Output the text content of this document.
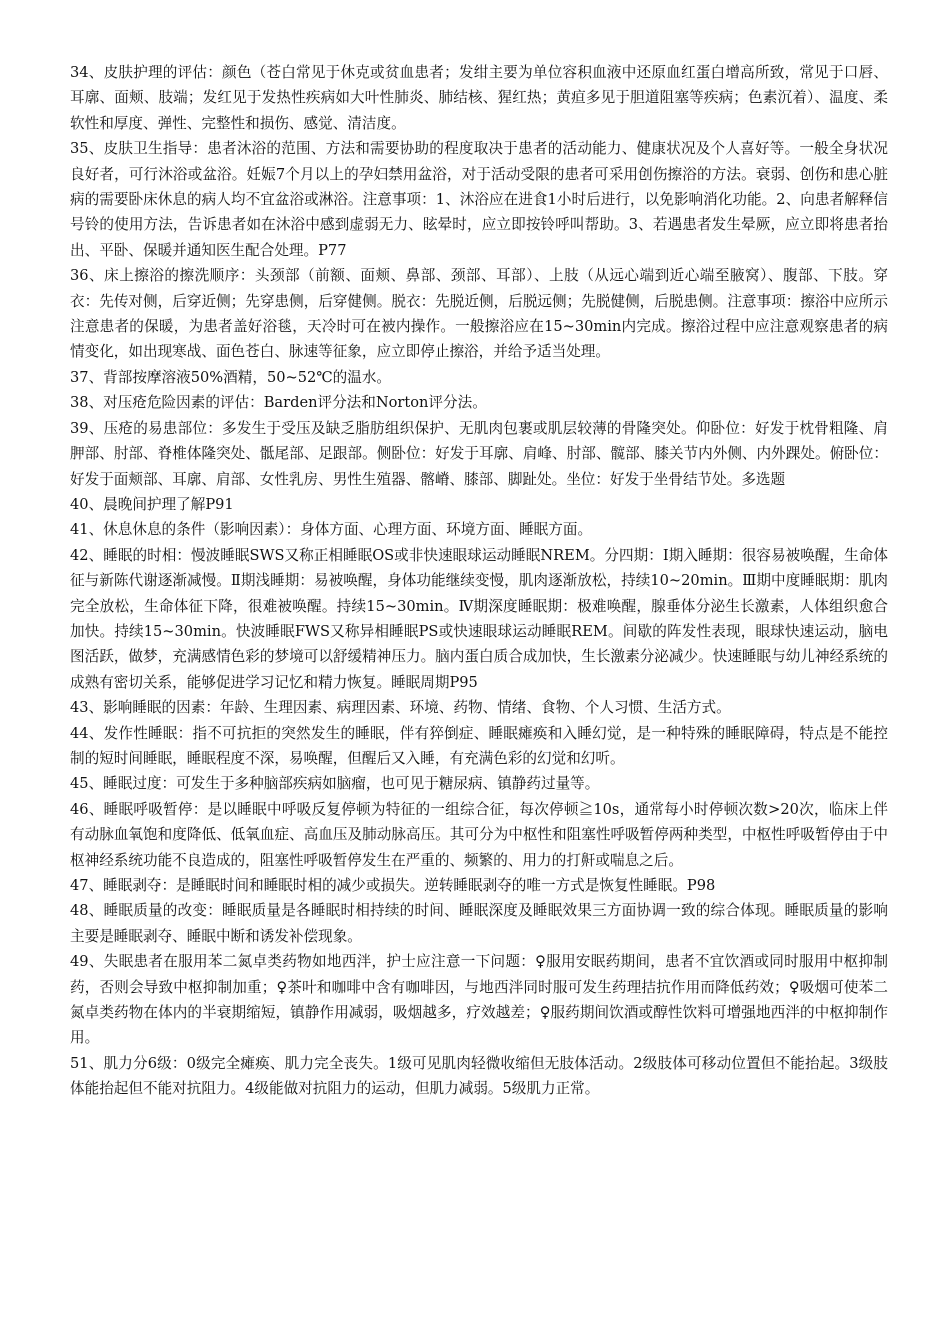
34、皮肤护理的评估：颜色（苍白常见于休克或贫血患者；发绀主要为单位容积血液中还原血红蛋白增高所致，常见于口唇、耳廓、面颊、肢端；发红见于发热性疾病如大叶性肺炎、肺结核、猩红热；黄疸多见于胆道阻塞等疾病；色素沉着）、温度、柔软性和厚度、弹性、完整性和损伤、感觉、清洁度。

35、皮肤卫生指导：患者沐浴的范围、方法和需要协助的程度取决于患者的活动能力、健康状况及个人喜好等。一般全身状况良好者，可行沐浴或盆浴。妊娠7个月以上的孕妇禁用盆浴，对于活动受限的患者可采用创伤擦浴的方法。衰弱、创伤和患心脏病的需要卧床休息的病人均不宜盆浴或淋浴。注意事项：1、沐浴应在进食1小时后进行，以免影响消化功能。2、向患者解释信号铃的使用方法，告诉患者如在沐浴中感到虚弱无力、眩晕时，应立即按铃呼叫帮助。3、若遇患者发生晕厥，应立即将患者抬出、平卧、保暖并通知医生配合处理。P77

36、床上擦浴的擦洗顺序：头颈部（前额、面颊、鼻部、颈部、耳部）、上肢（从远心端到近心端至腋窝）、腹部、下肢。穿衣：先传对侧，后穿近侧；先穿患侧，后穿健侧。脱衣：先脱近侧，后脱远侧；先脱健侧，后脱患侧。注意事项：擦浴中应所示注意患者的保暖，为患者盖好浴毯，天冷时可在被内操作。一般擦浴应在15~30min内完成。擦浴过程中应注意观察患者的病情变化，如出现寒战、面色苍白、脉速等征象，应立即停止擦浴，并给予适当处理。

37、背部按摩溶液50%酒精，50~52℃的温水。

38、对压疮危险因素的评估：Barden评分法和Norton评分法。

39、压疮的易患部位：多发生于受压及缺乏脂肪组织保护、无肌肉包裹或肌层较薄的骨隆突处。仰卧位：好发于枕骨粗隆、肩胛部、肘部、脊椎体隆突处、骶尾部、足跟部。侧卧位：好发于耳廓、肩峰、肘部、髋部、膝关节内外侧、内外踝处。俯卧位：好发于面颊部、耳廓、肩部、女性乳房、男性生殖器、髂嵴、膝部、脚趾处。坐位：好发于坐骨结节处。多选题

40、晨晚间护理了解P91

41、休息休息的条件（影响因素）：身体方面、心理方面、环境方面、睡眠方面。

42、睡眠的时相：慢波睡眠SWS又称正相睡眠OS或非快速眼球运动睡眠NREM。分四期：Ⅰ期入睡期：很容易被唤醒，生命体征与新陈代谢逐渐减慢。Ⅱ期浅睡期：易被唤醒，身体功能继续变慢，肌肉逐渐放松，持续10~20min。Ⅲ期中度睡眠期：肌肉完全放松，生命体征下降，很难被唤醒。持续15~30min。Ⅳ期深度睡眠期：极难唤醒，腺垂体分泌生长激素，人体组织愈合加快。持续15~30min。快波睡眠FWS又称异相睡眠PS或快速眼球运动睡眠REM。间歇的阵发性表现，眼球快速运动，脑电图活跃，做梦，充满感情色彩的梦境可以舒缓精神压力。脑内蛋白质合成加快，生长激素分泌减少。快速睡眠与幼儿神经系统的成熟有密切关系，能够促进学习记忆和精力恢复。睡眠周期P95

43、影响睡眠的因素：年龄、生理因素、病理因素、环境、药物、情绪、食物、个人习惯、生活方式。

44、发作性睡眠：指不可抗拒的突然发生的睡眠，伴有猝倒症、睡眠瘫痪和入睡幻觉，是一种特殊的睡眠障碍，特点是不能控制的短时间睡眠，睡眠程度不深，易唤醒，但醒后又入睡，有充满色彩的幻觉和幻听。

45、睡眠过度：可发生于多种脑部疾病如脑瘤，也可见于糖尿病、镇静药过量等。

46、睡眠呼吸暂停：是以睡眠中呼吸反复停顿为特征的一组综合征，每次停顿≧10s，通常每小时停顿次数>20次，临床上伴有动脉血氧饱和度降低、低氧血症、高血压及肺动脉高压。其可分为中枢性和阻塞性呼吸暂停两种类型，中枢性呼吸暂停由于中枢神经系统功能不良造成的，阻塞性呼吸暂停发生在严重的、频繁的、用力的打鼾或喘息之后。

47、睡眠剥夺：是睡眠时间和睡眠时相的减少或损失。逆转睡眠剥夺的唯一方式是恢复性睡眠。P98

48、睡眠质量的改变：睡眠质量是各睡眠时相持续的时间、睡眠深度及睡眠效果三方面协调一致的综合体现。睡眠质量的影响主要是睡眠剥夺、睡眠中断和诱发补偿现象。

49、失眠患者在服用苯二氮卓类药物如地西泮，护士应注意一下问题：♀服用安眠药期间，患者不宜饮酒或同时服用中枢抑制药，否则会导致中枢抑制加重；♀茶叶和咖啡中含有咖啡因，与地西泮同时服可发生药理拮抗作用而降低药效；♀吸烟可使苯二氮卓类药物在体内的半衰期缩短，镇静作用减弱，吸烟越多，疗效越差；♀服药期间饮酒或醇性饮料可增强地西泮的中枢抑制作用。

51、肌力分6级：0级完全瘫痪、肌力完全丧失。1级可见肌肉轻微收缩但无肢体活动。2级肢体可移动位置但不能抬起。3级肢体能抬起但不能对抗阻力。4级能做对抗阻力的运动，但肌力减弱。5级肌力正常。
